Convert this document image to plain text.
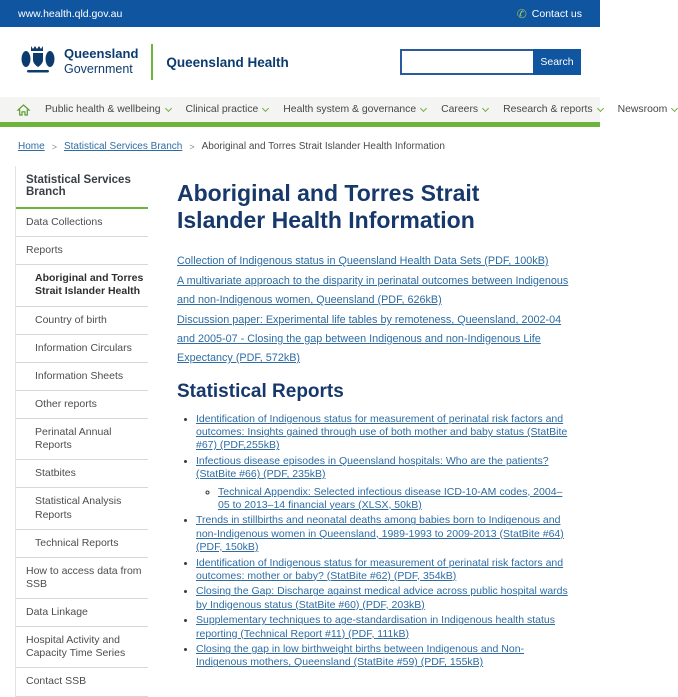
www.health.qld.gov.au	✆ Contact us
Queensland
Government	Queensland Health	Search
Public health & wellbeing Clinical practice Health system & governance Careers Research & reports Newsroom
Home > Statistical Services Branch > Aboriginal and Torres Strait Islander Health Information
Statistical Services Branch
Data Collections
Reports
Aboriginal and Torres Strait Islander Health
Country of birth
Information Circulars
Information Sheets
Other reports
Perinatal Annual Reports
Statbites
Statistical Analysis Reports
Technical Reports
How to access data from SSB
Data Linkage
Hospital Activity and Capacity Time Series
Contact SSB
Aboriginal and Torres Strait Islander Health Information
Collection of Indigenous status in Queensland Health Data Sets (PDF, 100kB)
A multivariate approach to the disparity in perinatal outcomes between Indigenous and non-Indigenous women, Queensland (PDF, 626kB)
Discussion paper: Experimental life tables by remoteness, Queensland, 2002-04 and 2005-07 - Closing the gap between Indigenous and non-Indigenous Life Expectancy (PDF, 572kB)
Statistical Reports
• Identification of Indigenous status for measurement of perinatal risk factors and outcomes: Insights gained through use of both mother and baby status (StatBite #67) (PDF,255kB)
• Infectious disease episodes in Queensland hospitals: Who are the patients? (StatBite #66) (PDF, 235kB)
◦ Technical Appendix: Selected infectious disease ICD-10-AM codes, 2004–05 to 2013–14 financial years (XLSX, 50kB)
• Trends in stillbirths and neonatal deaths among babies born to Indigenous and non-Indigenous women in Queensland, 1989-1993 to 2009-2013 (StatBite #64) (PDF, 150kB)
• Identification of Indigenous status for measurement of perinatal risk factors and outcomes: mother or baby? (StatBite #62) (PDF, 354kB)
• Closing the Gap: Discharge against medical advice across public hospital wards by Indigenous status (StatBite #60) (PDF, 203kB)
• Supplementary techniques to age-standardisation in Indigenous health status reporting (Technical Report #11) (PDF, 111kB)
• Closing the gap in low birthweight births between Indigenous and Non-Indigenous mothers, Queensland (StatBite #59) (PDF, 155kB)
